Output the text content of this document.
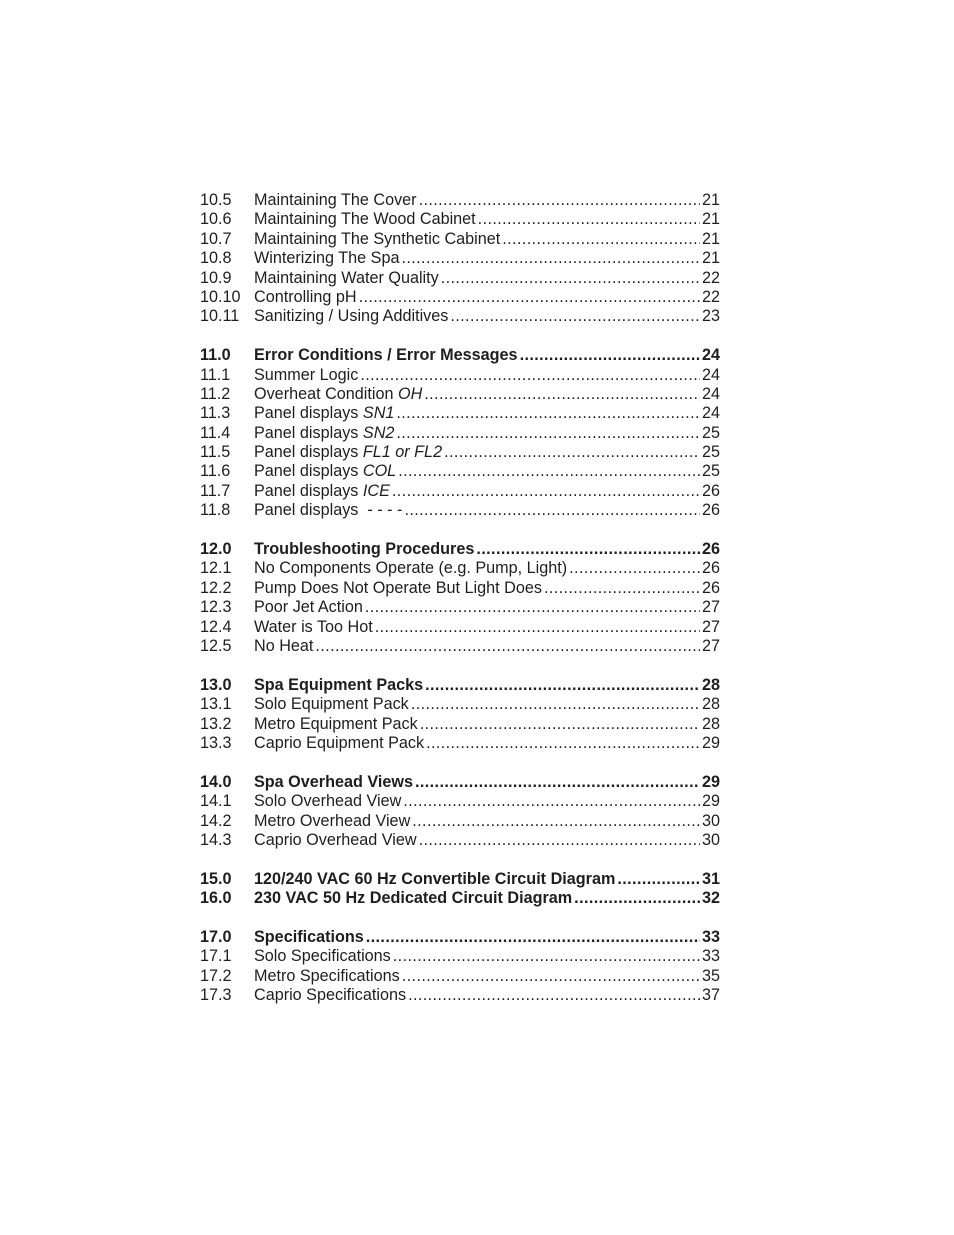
10.5	Maintaining The Cover . . .	21
10.6	Maintaining The Wood Cabinet . . .	21
10.7	Maintaining The Synthetic Cabinet . . .	21
10.8	Winterizing The Spa . . .	21
10.9	Maintaining Water Quality . . .	22
10.10 Controlling pH . . .	22
10.11 Sanitizing / Using Additives . . .	23
11.0	Error Conditions / Error Messages . . .	24
11.1	Summer Logic . . .	24
11.2	Overheat Condition OH . . .	24
11.3	Panel displays SN1 . . .	24
11.4	Panel displays SN2 . . .	25
11.5	Panel displays FL1 or FL2 . . .	25
11.6	Panel displays COL . . .	25
11.7	Panel displays ICE . . .	26
11.8	Panel displays  - - - - . . .	26
12.0	Troubleshooting Procedures . . .	26
12.1	No Components Operate (e.g. Pump, Light) . . .	26
12.2	Pump Does Not Operate But Light Does . . .	26
12.3	Poor Jet Action . . .	27
12.4	Water is Too Hot . . .	27
12.5	No Heat . . .	27
13.0	Spa Equipment Packs . . .	28
13.1	Solo Equipment Pack . . .	28
13.2	Metro Equipment Pack . . .	28
13.3	Caprio Equipment Pack . . .	29
14.0	Spa Overhead Views . . .	29
14.1	Solo Overhead View . . .	29
14.2	Metro Overhead View . . .	30
14.3	Caprio Overhead View . . .	30
15.0	120/240 VAC 60 Hz Convertible Circuit Diagram . . .	31
16.0	230 VAC 50 Hz Dedicated Circuit Diagram . . .	32
17.0	Specifications . . .	33
17.1	Solo Specifications . . .	33
17.2	Metro Specifications . . .	35
17.3	Caprio Specifications . . .	37
